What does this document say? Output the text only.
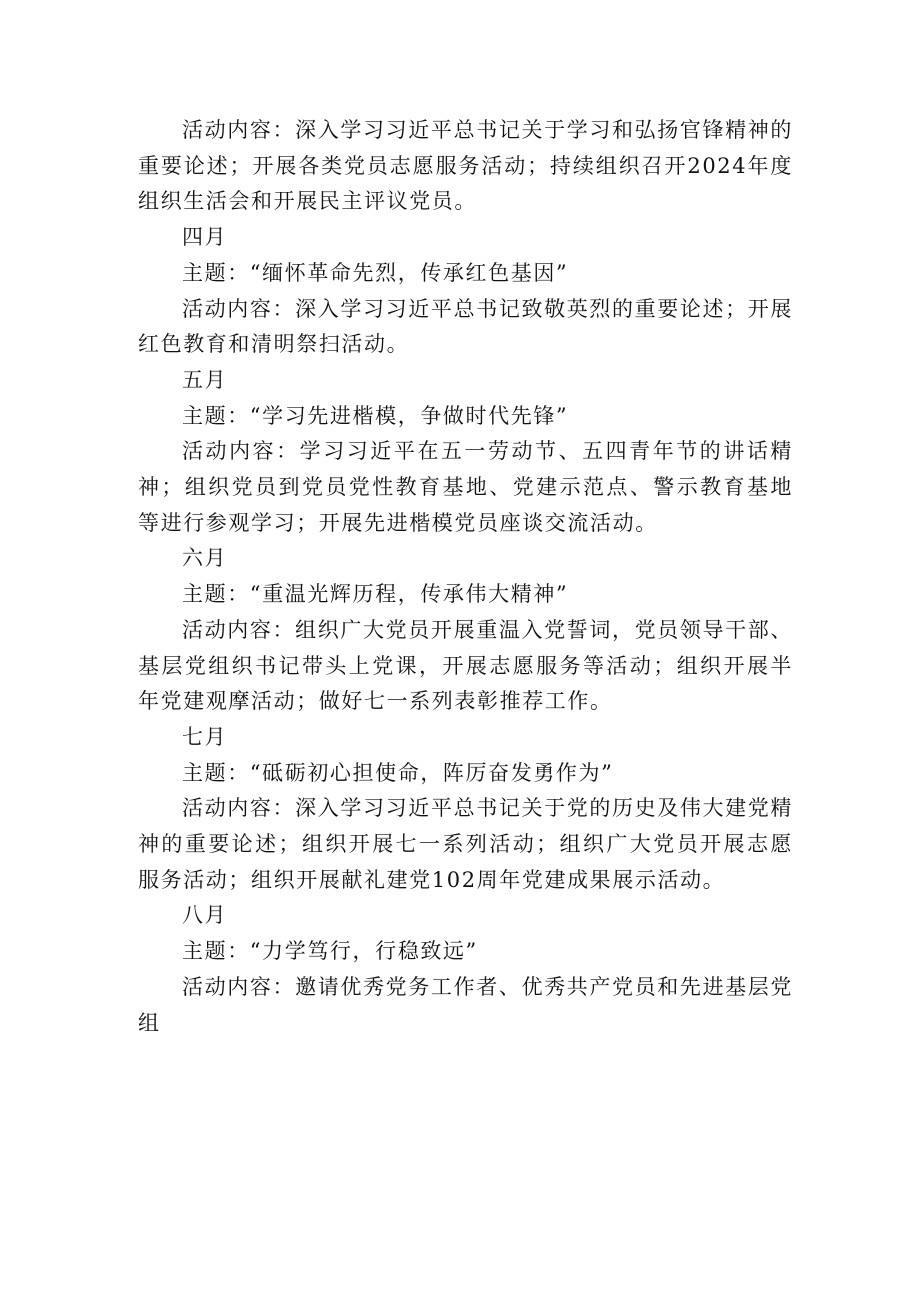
活动内容：深入学习习近平总书记关于学习和弘扬官锋精神的重要论述；开展各类党员志愿服务活动；持续组织召开2024年度组织生活会和开展民主评议党员。

四月

主题：“缅怀革命先烈，传承红色基因”

活动内容：深入学习习近平总书记致敬英烈的重要论述；开展红色教育和清明祭扫活动。

五月

主题：“学习先进楷模，争做时代先锋”

活动内容：学习习近平在五一劳动节、五四青年节的讲话精神；组织党员到党员党性教育基地、党建示范点、警示教育基地等进行参观学习；开展先进楷模党员座谈交流活动。

六月

主题：“重温光辉历程，传承伟大精神”

活动内容：组织广大党员开展重温入党誓词，党员领导干部、基层党组织书记带头上党课，开展志愿服务等活动；组织开展半年党建观摩活动；做好七一系列表彰推荐工作。

七月

主题：“砥砺初心担使命，阵厉奋发勇作为”

活动内容：深入学习习近平总书记关于党的历史及伟大建党精神的重要论述；组织开展七一系列活动；组织广大党员开展志愿服务活动；组织开展献礼建党102周年党建成果展示活动。

八月

主题：“力学笃行，行稳致远”

活动内容：邀请优秀党务工作者、优秀共产党员和先进基层党组
